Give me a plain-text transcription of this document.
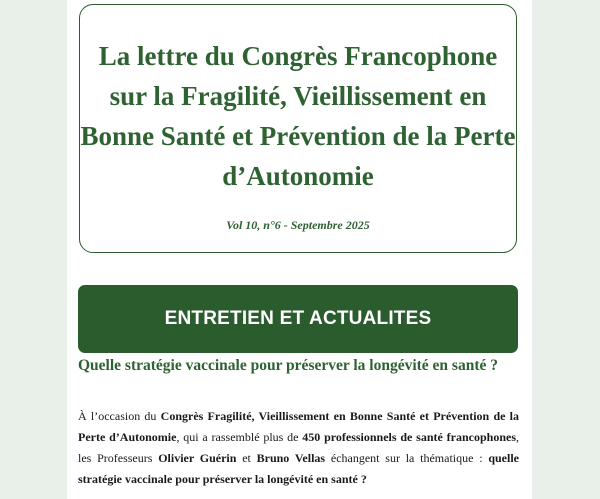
La lettre du Congrès Francophone sur la Fragilité, Vieillissement en Bonne Santé et Prévention de la Perte d’Autonomie
Vol 10, n°6 - Septembre 2025
ENTRETIEN ET ACTUALITES
Quelle stratégie vaccinale pour préserver la longévité en santé ?

À l’occasion du Congrès Fragilité, Vieillissement en Bonne Santé et Prévention de la Perte d’Autonomie, qui a rassemblé plus de 450 professionnels de santé francophones, les Professeurs Olivier Guérin et Bruno Vellas échangent sur la thématique : quelle stratégie vaccinale pour préserver la longévité en santé ?
